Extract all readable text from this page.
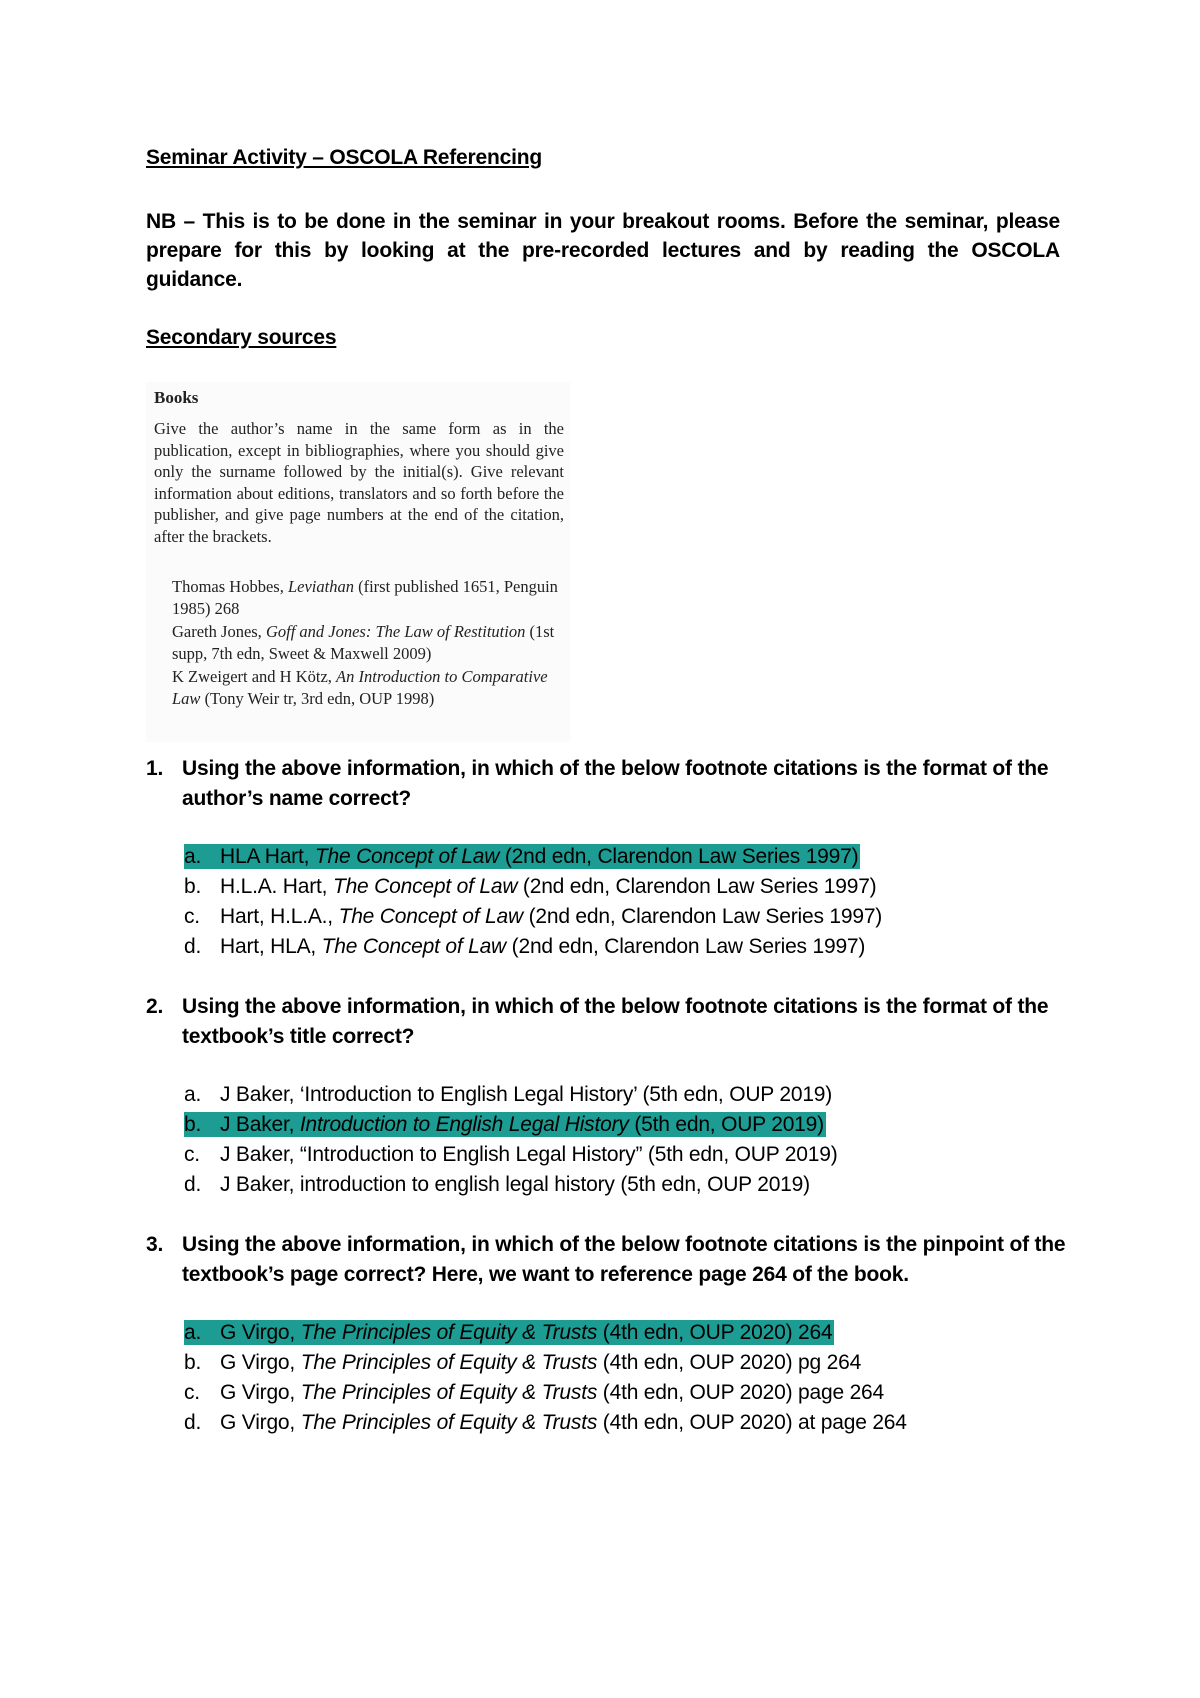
Seminar Activity – OSCOLA Referencing
NB – This is to be done in the seminar in your breakout rooms. Before the seminar, please prepare for this by looking at the pre-recorded lectures and by reading the OSCOLA guidance.
Secondary sources
Books
Give the author’s name in the same form as in the publication, except in bibliographies, where you should give only the surname followed by the initial(s). Give relevant information about editions, translators and so forth before the publisher, and give page numbers at the end of the citation, after the brackets.
Thomas Hobbes, Leviathan (first published 1651, Penguin 1985) 268
Gareth Jones, Goff and Jones: The Law of Restitution (1st supp, 7th edn, Sweet & Maxwell 2009)
K Zweigert and H Kötz, An Introduction to Comparative Law (Tony Weir tr, 3rd edn, OUP 1998)
1. Using the above information, in which of the below footnote citations is the format of the author’s name correct?
a. HLA Hart, The Concept of Law (2nd edn, Clarendon Law Series 1997)
b. H.L.A. Hart, The Concept of Law (2nd edn, Clarendon Law Series 1997)
c. Hart, H.L.A., The Concept of Law (2nd edn, Clarendon Law Series 1997)
d. Hart, HLA, The Concept of Law (2nd edn, Clarendon Law Series 1997)
2. Using the above information, in which of the below footnote citations is the format of the textbook’s title correct?
a. J Baker, ‘Introduction to English Legal History’ (5th edn, OUP 2019)
b. J Baker, Introduction to English Legal History (5th edn, OUP 2019)
c. J Baker, “Introduction to English Legal History” (5th edn, OUP 2019)
d. J Baker, introduction to english legal history (5th edn, OUP 2019)
3. Using the above information, in which of the below footnote citations is the pinpoint of the textbook’s page correct? Here, we want to reference page 264 of the book.
a. G Virgo, The Principles of Equity & Trusts (4th edn, OUP 2020) 264
b. G Virgo, The Principles of Equity & Trusts (4th edn, OUP 2020) pg 264
c. G Virgo, The Principles of Equity & Trusts (4th edn, OUP 2020) page 264
d. G Virgo, The Principles of Equity & Trusts (4th edn, OUP 2020) at page 264
